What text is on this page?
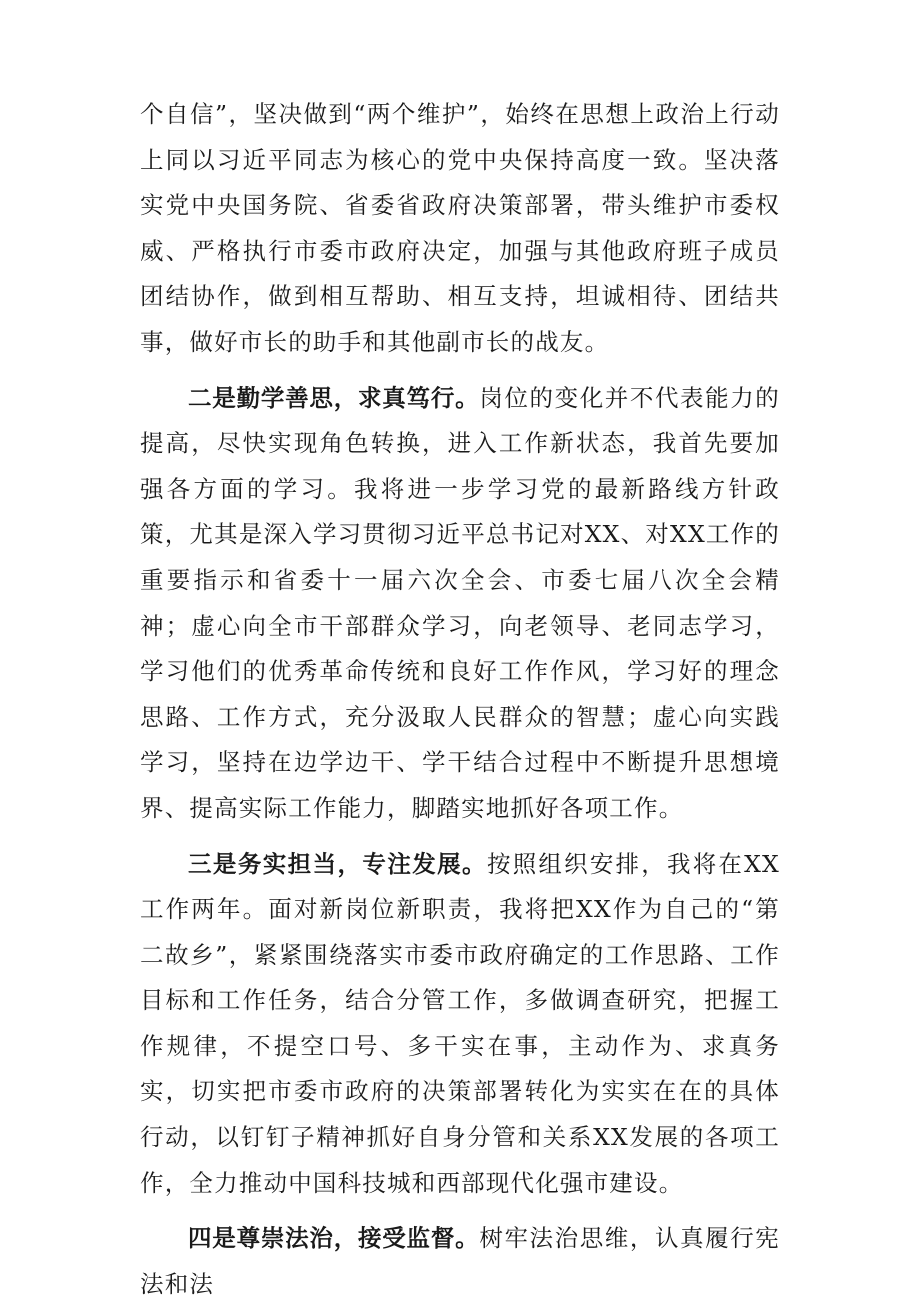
个自信”，坚决做到“两个维护”，始终在思想上政治上行动上同以习近平同志为核心的党中央保持高度一致。坚决落实党中央国务院、省委省政府决策部署，带头维护市委权威、严格执行市委市政府决定，加强与其他政府班子成员团结协作，做到相互帮助、相互支持，坦诚相待、团结共事，做好市长的助手和其他副市长的战友。

二是勤学善思，求真笃行。岗位的变化并不代表能力的提高，尽快实现角色转换，进入工作新状态，我首先要加强各方面的学习。我将进一步学习党的最新路线方针政策，尤其是深入学习贯彻习近平总书记对XX、对XX工作的重要指示和省委十一届六次全会、市委七届八次全会精神；虚心向全市干部群众学习，向老领导、老同志学习，学习他们的优秀革命传统和良好工作作风，学习好的理念思路、工作方式，充分汲取人民群众的智慧；虚心向实践学习，坚持在边学边干、学干结合过程中不断提升思想境界、提高实际工作能力，脚踏实地抓好各项工作。

三是务实担当，专注发展。按照组织安排，我将在XX工作两年。面对新岗位新职责，我将把XX作为自己的“第二故乡”，紧紧围绕落实市委市政府确定的工作思路、工作目标和工作任务，结合分管工作，多做调查研究，把握工作规律，不提空口号、多干实在事，主动作为、求真务实，切实把市委市政府的决策部署转化为实实在在的具体行动，以钉钉子精神抓好自身分管和关系XX发展的各项工作，全力推动中国科技城和西部现代化强市建设。

四是尊崇法治，接受监督。树牢法治思维，认真履行宪法和法
